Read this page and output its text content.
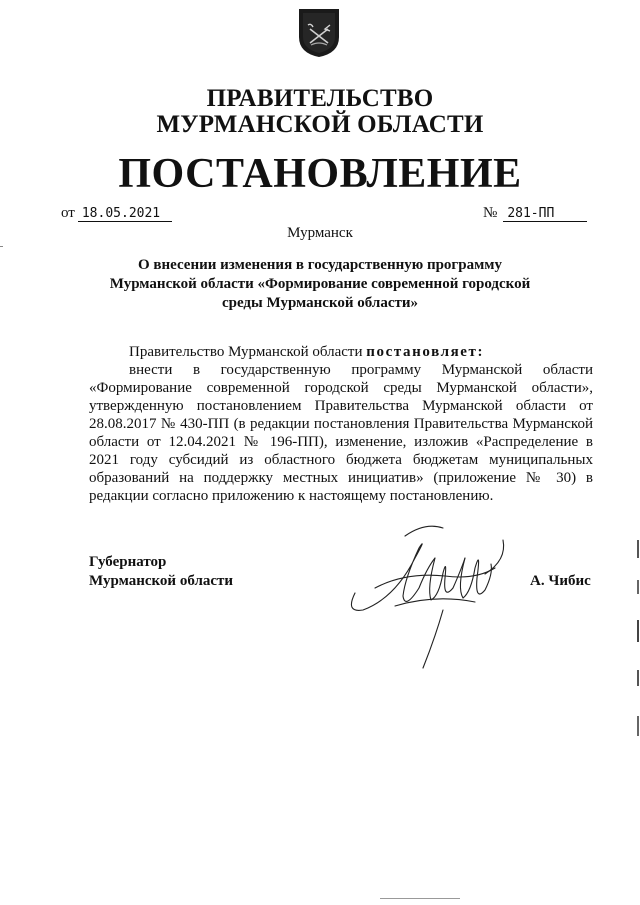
ПРАВИТЕЛЬСТВО
МУРМАНСКОЙ ОБЛАСТИ
ПОСТАНОВЛЕНИЕ
от 18.05.2021	№ 281-ПП
Мурманск
О внесении изменения в государственную программу
Мурманской области «Формирование современной городской
среды Мурманской области»
Правительство Мурманской области постановляет:
внести в государственную программу Мурманской области
«Формирование современной городской среды Мурманской области»,
утвержденную постановлением Правительства Мурманской области от
28.08.2017 № 430-ПП (в редакции постановления Правительства Мурманской
области от 12.04.2021 № 196-ПП), изменение, изложив «Распределение в
2021 году субсидий из областного бюджета бюджетам муниципальных
образований на поддержку местных инициатив» (приложение № 30) в
редакции согласно приложению к настоящему постановлению.
Губернатор
Мурманской области	А. Чибис
